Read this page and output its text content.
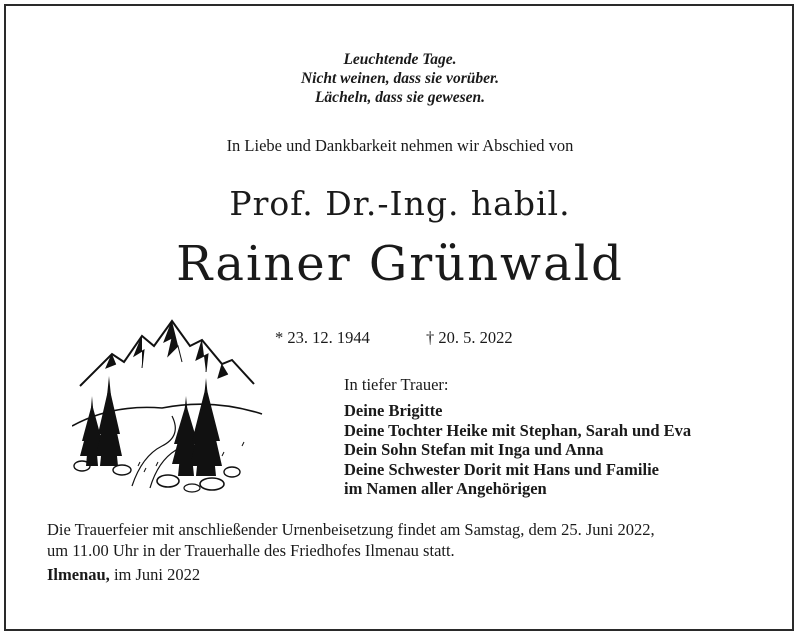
Leuchtende Tage.
Nicht weinen, dass sie vorüber.
Lächeln, dass sie gewesen.
In Liebe und Dankbarkeit nehmen wir Abschied von
Prof. Dr.-Ing. habil.
Rainer Grünwald
* 23. 12. 1944	† 20. 5. 2022
In tiefer Trauer:
Deine Brigitte
Deine Tochter Heike mit Stephan, Sarah und Eva
Dein Sohn Stefan mit Inga und Anna
Deine Schwester Dorit mit Hans und Familie
im Namen aller Angehörigen
Die Trauerfeier mit anschließender Urnenbeisetzung findet am Samstag, dem 25. Juni 2022,
um 11.00 Uhr in der Trauerhalle des Friedhofes Ilmenau statt.
Ilmenau, im Juni 2022
